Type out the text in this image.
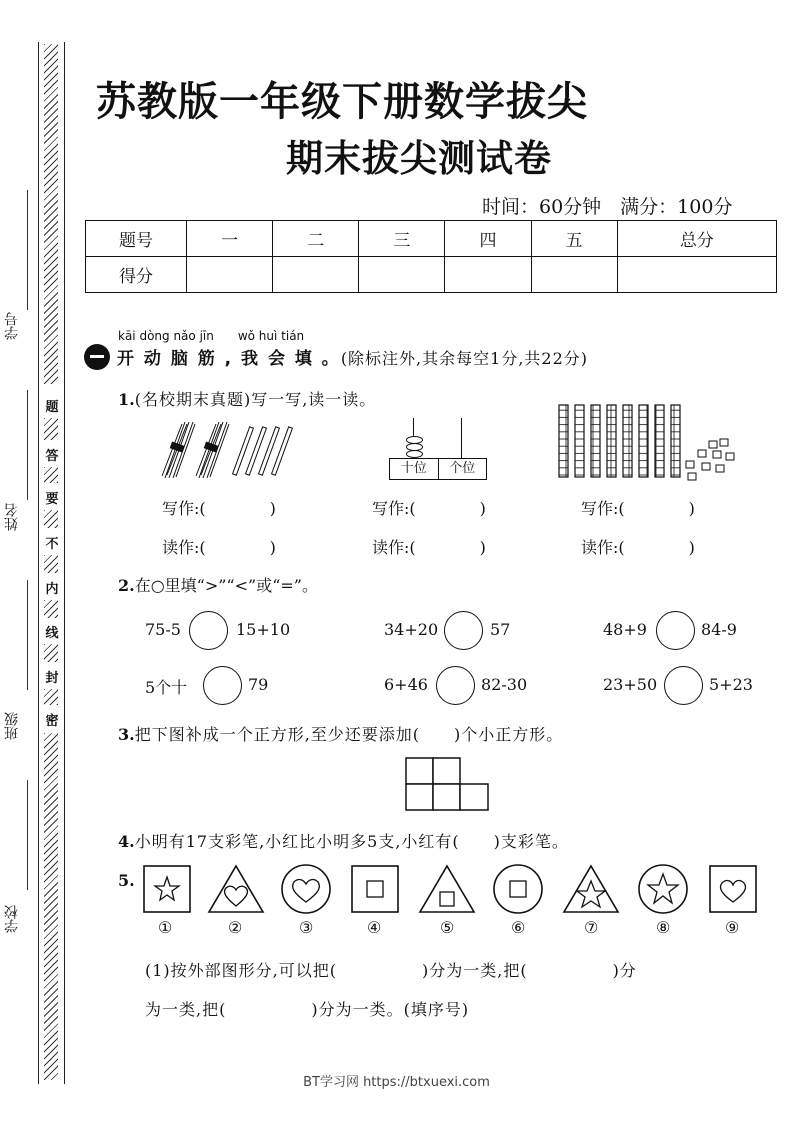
题
答
要
不
内
线
封
密
学号
姓名
班级
学校
苏教版一年级下册数学拔尖
期末拔尖测试卷
时间：60分钟　满分：100分
题号	一	二	三	四	五	总分
得分						
kāi dòng nǎo jīn　　wǒ huì tián
开 动 脑 筋 , 我 会 填 。(除标注外,其余每空1分,共22分)
1.(名校期末真题)写一写,读一读。
十位	个位
写作:(　　　　)	写作:(　　　　)	写作:(　　　　)
读作:(　　　　)	读作:(　　　　)	读作:(　　　　)
2.在○里填“>”“<”或“=”。
75-5	15+10	34+20	57	48+9	84-9
5个十	79	6+46	82-30	23+50	5+23
3.把下图补成一个正方形,至少还要添加(　　)个小正方形。
4.小明有17支彩笔,小红比小明多5支,小红有(　　)支彩笔。
5.
①	②	③	④	⑤	⑥	⑦	⑧	⑨
(1)按外部图形分,可以把(　　　　　)分为一类,把(　　　　　)分
为一类,把(　　　　　)分为一类。(填序号)
BT学习网 https://btxuexi.com
